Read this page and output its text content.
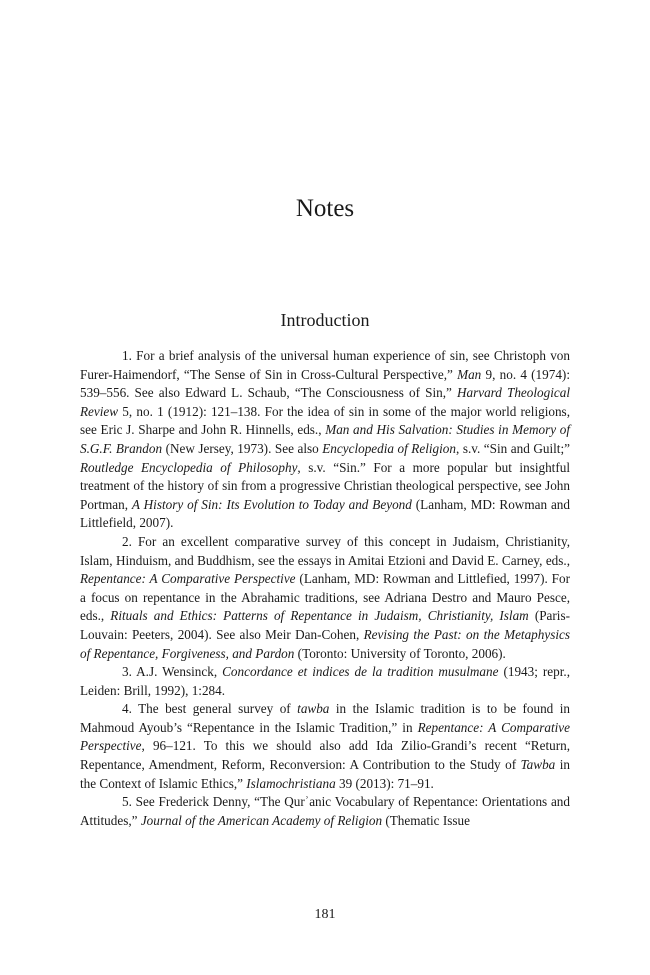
Notes
Introduction

1. For a brief analysis of the universal human experience of sin, see Christoph von Furer-Haimendorf, “The Sense of Sin in Cross-Cultural Perspective,” Man 9, no. 4 (1974): 539–556. See also Edward L. Schaub, “The Consciousness of Sin,” Harvard Theological Review 5, no. 1 (1912): 121–138. For the idea of sin in some of the major world religions, see Eric J. Sharpe and John R. Hinnells, eds., Man and His Salvation: Studies in Memory of S.G.F. Brandon (New Jersey, 1973). See also Encyclopedia of Religion, s.v. “Sin and Guilt;” Routledge Encyclopedia of Philosophy, s.v. “Sin.” For a more popular but insightful treatment of the history of sin from a progressive Christian theological perspective, see John Portman, A History of Sin: Its Evolution to Today and Beyond (Lanham, MD: Rowman and Littlefield, 2007).

2. For an excellent comparative survey of this concept in Judaism, Christianity, Islam, Hinduism, and Buddhism, see the essays in Amitai Etzioni and David E. Carney, eds., Repentance: A Comparative Perspective (Lanham, MD: Rowman and Littlefied, 1997). For a focus on repentance in the Abrahamic traditions, see Adriana Destro and Mauro Pesce, eds., Rituals and Ethics: Patterns of Repentance in Judaism, Christianity, Islam (Paris-Louvain: Peeters, 2004). See also Meir Dan-Cohen, Revising the Past: on the Metaphysics of Repentance, Forgiveness, and Pardon (Toronto: University of Toronto, 2006).

3. A.J. Wensinck, Concordance et indices de la tradition musulmane (1943; repr., Leiden: Brill, 1992), 1:284.

4. The best general survey of tawba in the Islamic tradition is to be found in Mahmoud Ayoub’s “Repentance in the Islamic Tradition,” in Repentance: A Comparative Perspective, 96–121. To this we should also add Ida Zilio-Grandi’s recent “Return, Repentance, Amendment, Reform, Reconversion: A Contribution to the Study of Tawba in the Context of Islamic Ethics,” Islamochristiana 39 (2013): 71–91.

5. See Frederick Denny, “The Qurʾanic Vocabulary of Repentance: Orientations and Attitudes,” Journal of the American Academy of Religion (Thematic Issue

181
